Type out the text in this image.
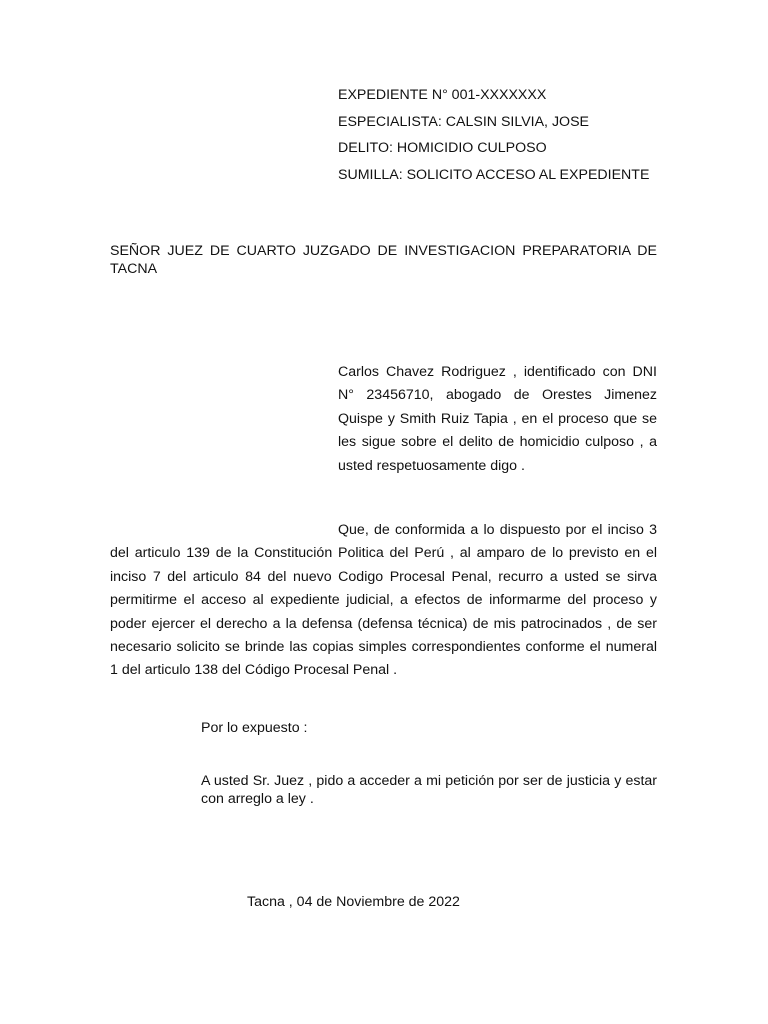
EXPEDIENTE N° 001-XXXXXXX
ESPECIALISTA: CALSIN SILVIA, JOSE
DELITO: HOMICIDIO CULPOSO
SUMILLA: SOLICITO ACCESO AL EXPEDIENTE
SEÑOR JUEZ DE CUARTO JUZGADO DE INVESTIGACION PREPARATORIA DE TACNA
Carlos Chavez Rodriguez , identificado con DNI N° 23456710, abogado de Orestes Jimenez Quispe y Smith Ruiz Tapia , en el proceso que se les sigue sobre el delito de homicidio culposo , a usted respetuosamente digo .
Que, de conformida a lo dispuesto por el inciso 3 del articulo 139 de la Constitución Politica del Perú , al amparo de lo previsto en el inciso 7 del articulo 84 del nuevo Codigo Procesal Penal, recurro a usted se sirva permitirme el acceso al expediente judicial, a efectos de informarme del proceso y poder ejercer el derecho a la defensa (defensa técnica) de mis patrocinados , de ser necesario solicito se brinde las copias simples correspondientes conforme el numeral 1 del articulo 138 del Código Procesal Penal .
Por lo expuesto :
A usted Sr. Juez , pido a acceder a mi petición por ser de justicia y estar con arreglo a ley .
Tacna , 04 de Noviembre de 2022
